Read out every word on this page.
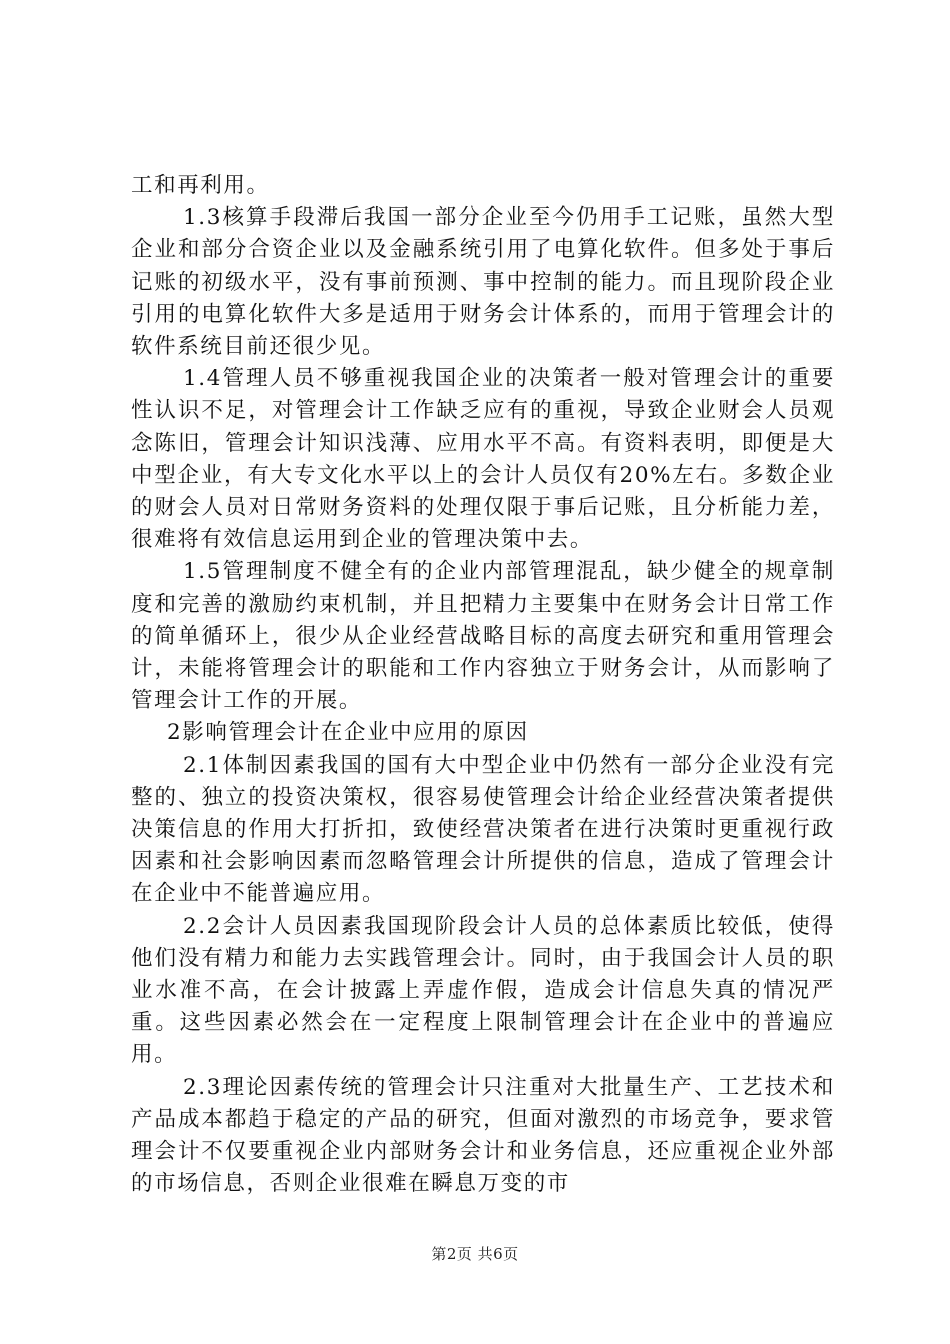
工和再利用。

1.3核算手段滞后我国一部分企业至今仍用手工记账，虽然大型企业和部分合资企业以及金融系统引用了电算化软件。但多处于事后记账的初级水平，没有事前预测、事中控制的能力。而且现阶段企业引用的电算化软件大多是适用于财务会计体系的，而用于管理会计的软件系统目前还很少见。

1.4管理人员不够重视我国企业的决策者一般对管理会计的重要性认识不足，对管理会计工作缺乏应有的重视，导致企业财会人员观念陈旧，管理会计知识浅薄、应用水平不高。有资料表明，即便是大中型企业，有大专文化水平以上的会计人员仅有20%左右。多数企业的财会人员对日常财务资料的处理仅限于事后记账，且分析能力差，很难将有效信息运用到企业的管理决策中去。

1.5管理制度不健全有的企业内部管理混乱，缺少健全的规章制度和完善的激励约束机制，并且把精力主要集中在财务会计日常工作的简单循环上，很少从企业经营战略目标的高度去研究和重用管理会计，未能将管理会计的职能和工作内容独立于财务会计，从而影响了管理会计工作的开展。

2影响管理会计在企业中应用的原因

2.1体制因素我国的国有大中型企业中仍然有一部分企业没有完整的、独立的投资决策权，很容易使管理会计给企业经营决策者提供决策信息的作用大打折扣，致使经营决策者在进行决策时更重视行政因素和社会影响因素而忽略管理会计所提供的信息，造成了管理会计在企业中不能普遍应用。

2.2会计人员因素我国现阶段会计人员的总体素质比较低，使得他们没有精力和能力去实践管理会计。同时，由于我国会计人员的职业水准不高，在会计披露上弄虚作假，造成会计信息失真的情况严重。这些因素必然会在一定程度上限制管理会计在企业中的普遍应用。

2.3理论因素传统的管理会计只注重对大批量生产、工艺技术和产品成本都趋于稳定的产品的研究，但面对激烈的市场竞争，要求管理会计不仅要重视企业内部财务会计和业务信息，还应重视企业外部的市场信息，否则企业很难在瞬息万变的市

第2页 共6页
